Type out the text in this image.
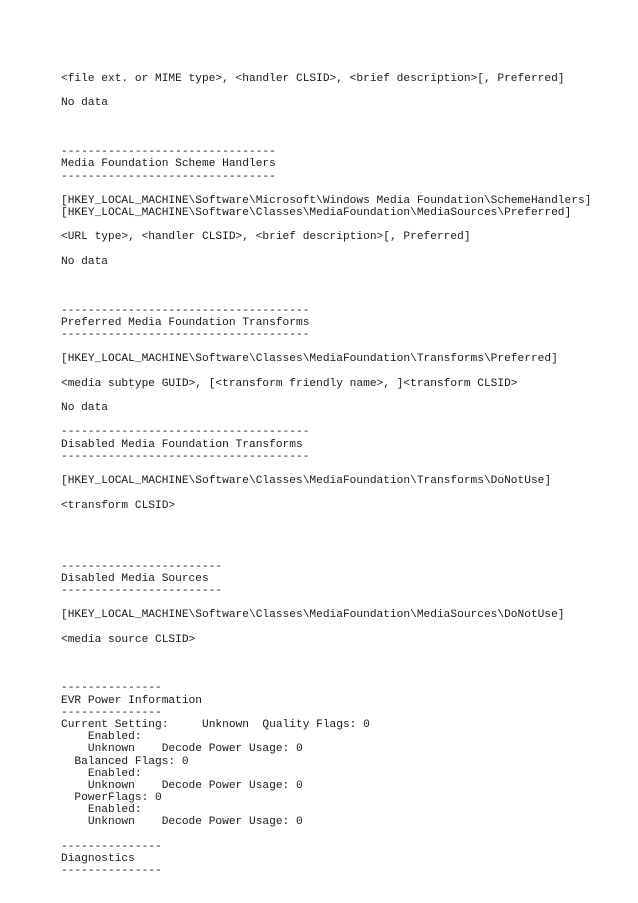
<file ext. or MIME type>, <handler CLSID>, <brief description>[, Preferred]
No data
--------------------------------
Media Foundation Scheme Handlers
--------------------------------
[HKEY_LOCAL_MACHINE\Software\Microsoft\Windows Media Foundation\SchemeHandlers]
[HKEY_LOCAL_MACHINE\Software\Classes\MediaFoundation\MediaSources\Preferred]
<URL type>, <handler CLSID>, <brief description>[, Preferred]
No data
-------------------------------------
Preferred Media Foundation Transforms
-------------------------------------
[HKEY_LOCAL_MACHINE\Software\Classes\MediaFoundation\Transforms\Preferred]
<media subtype GUID>, [<transform friendly name>, ]<transform CLSID>
No data
-------------------------------------
Disabled Media Foundation Transforms
-------------------------------------
[HKEY_LOCAL_MACHINE\Software\Classes\MediaFoundation\Transforms\DoNotUse]
<transform CLSID>
------------------------
Disabled Media Sources
------------------------
[HKEY_LOCAL_MACHINE\Software\Classes\MediaFoundation\MediaSources\DoNotUse]
<media source CLSID>
---------------
EVR Power Information
---------------
Current Setting:     Unknown  Quality Flags: 0
Enabled:
Unknown    Decode Power Usage: 0
Balanced Flags: 0
Enabled:
Unknown    Decode Power Usage: 0
PowerFlags: 0
Enabled:
Unknown    Decode Power Usage: 0
---------------
Diagnostics
---------------
